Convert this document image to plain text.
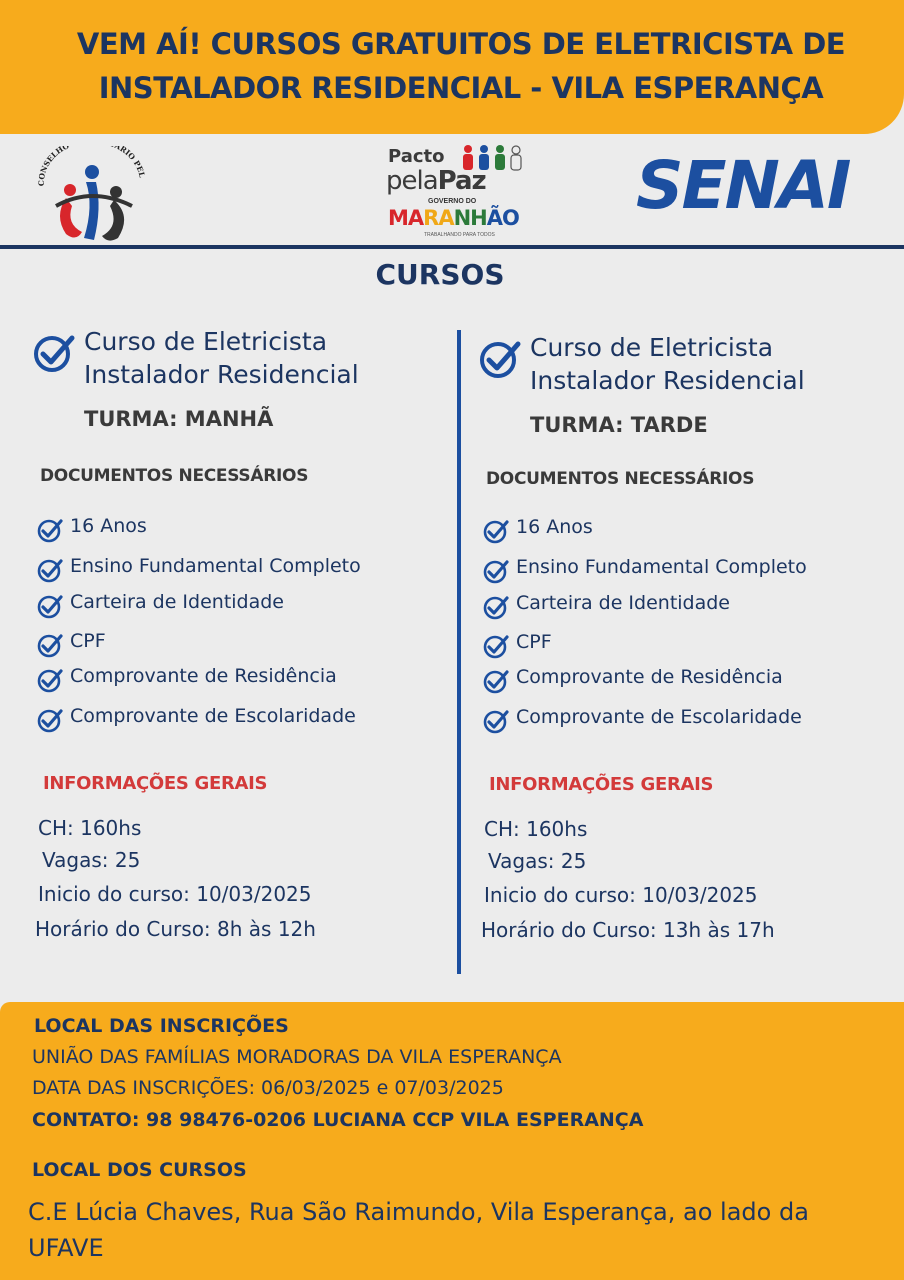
VEM AÍ! CURSOS GRATUITOS DE ELETRICISTA DE
INSTALADOR RESIDENCIAL - VILA ESPERANÇA
CONSELHO ÁRIO PEL
Pacto
pelaPaz
GOVERNO DO
MARANHÃO
TRABALHANDO PARA TODOS
SENAI
CURSOS
Curso de Eletricista
Instalador Residencial
TURMA: MANHÃ
DOCUMENTOS NECESSÁRIOS
16 Anos
Ensino Fundamental Completo
Carteira de Identidade
CPF
Comprovante de Residência
Comprovante de Escolaridade
INFORMAÇÕES GERAIS
CH: 160hs
Vagas: 25
Inicio do curso: 10/03/2025
Horário do Curso: 8h às 12h
Curso de Eletricista
Instalador Residencial
TURMA: TARDE
DOCUMENTOS NECESSÁRIOS
16 Anos
Ensino Fundamental Completo
Carteira de Identidade
CPF
Comprovante de Residência
Comprovante de Escolaridade
INFORMAÇÕES GERAIS
CH: 160hs
Vagas: 25
Inicio do curso: 10/03/2025
Horário do Curso: 13h às 17h
LOCAL DAS INSCRIÇÕES
UNIÃO DAS FAMÍLIAS MORADORAS DA VILA ESPERANÇA
DATA DAS INSCRIÇÕES: 06/03/2025 e 07/03/2025
CONTATO: 98 98476-0206 LUCIANA CCP VILA ESPERANÇA
LOCAL DOS CURSOS
C.E Lúcia Chaves, Rua São Raimundo, Vila Esperança, ao lado da UFAVE
